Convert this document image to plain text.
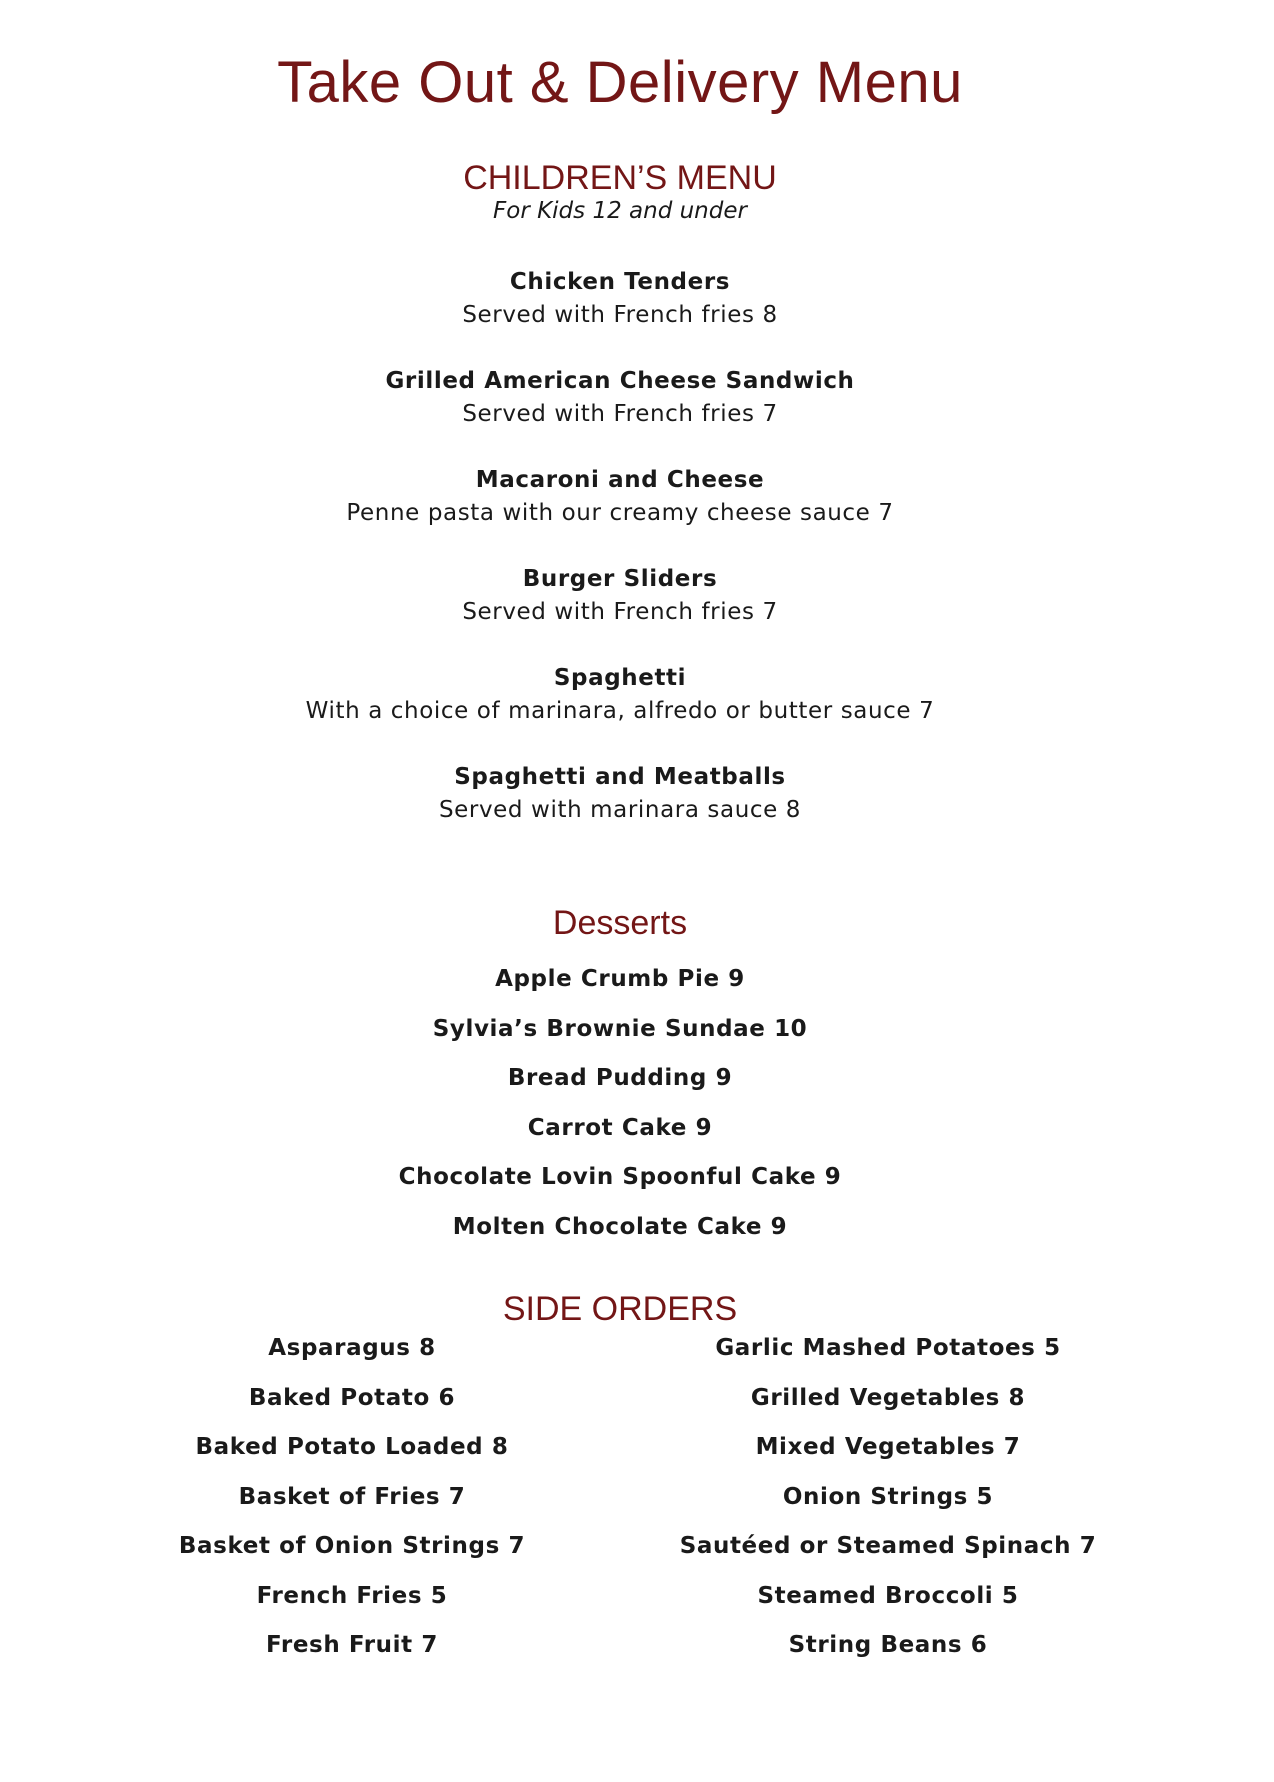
Take Out & Delivery Menu
CHILDREN’S MENU
For Kids 12 and under
Chicken Tenders
Served with French fries 8
Grilled American Cheese Sandwich
Served with French fries 7
Macaroni and Cheese
Penne pasta with our creamy cheese sauce 7
Burger Sliders
Served with French fries 7
Spaghetti
With a choice of marinara, alfredo or butter sauce 7
Spaghetti and Meatballs
Served with marinara sauce 8
Desserts
Apple Crumb Pie 9
Sylvia’s Brownie Sundae 10
Bread Pudding 9
Carrot Cake 9
Chocolate Lovin Spoonful Cake 9
Molten Chocolate Cake 9
SIDE ORDERS
Asparagus 8
Baked Potato 6
Baked Potato Loaded 8
Basket of Fries 7
Basket of Onion Strings 7
French Fries 5
Fresh Fruit 7
Garlic Mashed Potatoes 5
Grilled Vegetables 8
Mixed Vegetables 7
Onion Strings 5
Sautéed or Steamed Spinach 7
Steamed Broccoli 5
String Beans 6
